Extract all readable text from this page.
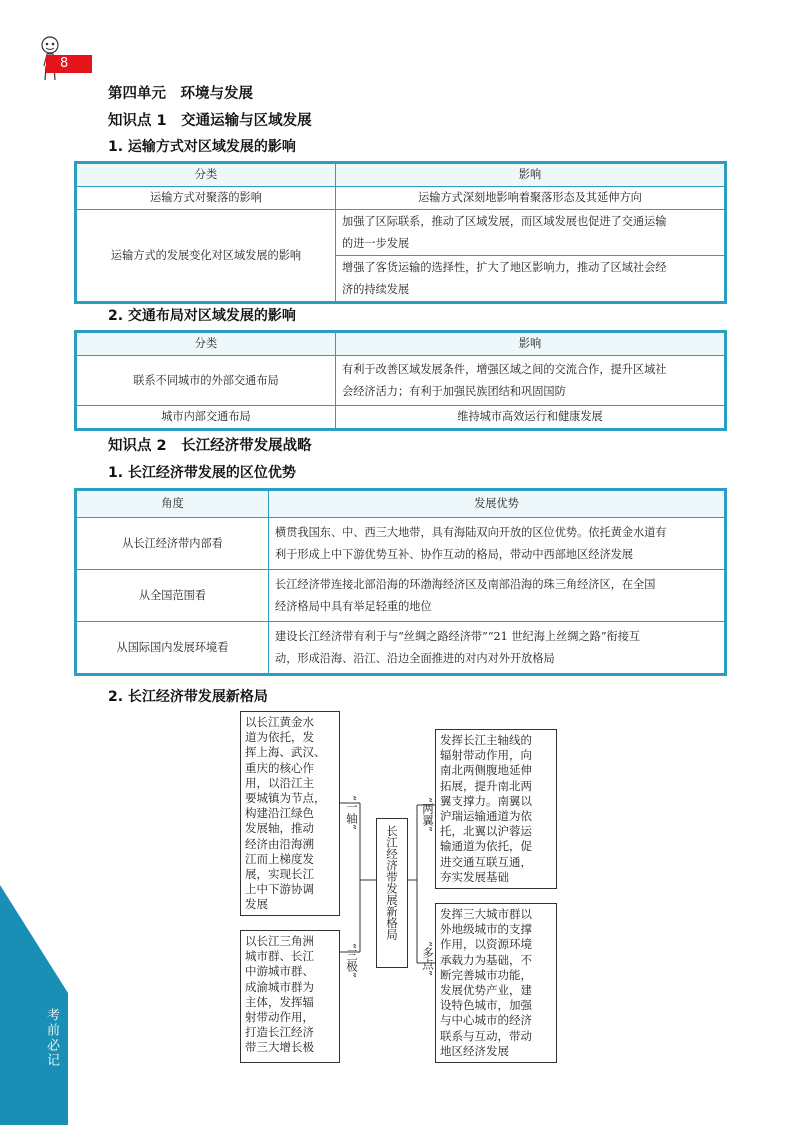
8
第四单元　环境与发展
知识点 1　交通运输与区域发展
1. 运输方式对区域发展的影响
分类	影响
运输方式对聚落的影响	运输方式深刻地影响着聚落形态及其延伸方向
运输方式的发展变化对区域发展的影响	加强了区际联系，推动了区域发展，而区域发展也促进了交通运输
的进一步发展

	增强了客货运输的选择性，扩大了地区影响力，推动了区域社会经
济的持续发展
2. 交通布局对区域发展的影响
分类	影响
联系不同城市的外部交通布局	有利于改善区域发展条件，增强区域之间的交流合作，提升区域社
会经济活力；有利于加强民族团结和巩固国防

城市内部交通布局	维持城市高效运行和健康发展
知识点 2　长江经济带发展战略
1. 长江经济带发展的区位优势
角度	发展优势
从长江经济带内部看	横贯我国东、中、西三大地带，具有海陆双向开放的区位优势。依托黄金水道有
利于形成上中下游优势互补、协作互动的格局，带动中西部地区经济发展

从全国范围看	长江经济带连接北部沿海的环渤海经济区及南部沿海的珠三角经济区，在全国
经济格局中具有举足轻重的地位

从国际国内发展环境看	建设长江经济带有利于与“丝绸之路经济带”“21 世纪海上丝绸之路”衔接互
动，形成沿海、沿江、沿边全面推进的对内对外开放格局
2. 长江经济带发展新格局
以长江黄金水
道为依托，发
挥上海、武汉、
重庆的核心作
用，以沿江主
要城镇为节点，
构建沿江绿色
发展轴，推动
经济由沿海溯
江而上梯度发
展，实现长江
上中下游协调
发展
“一轴”
以长江三角洲
城市群、长江
中游城市群、
成渝城市群为
主体，发挥辐
射带动作用，
打造长江经济
带三大增长极
“三极”
长江经济带发展新格局
“两翼”
发挥长江主轴线的
辐射带动作用，向
南北两侧腹地延伸
拓展，提升南北两
翼支撑力。南翼以
沪瑞运输通道为依
托，北翼以沪蓉运
输通道为依托，促
进交通互联互通，
夯实发展基础
“多点”
发挥三大城市群以
外地级城市的支撑
作用，以资源环境
承载力为基础，不
断完善城市功能，
发展优势产业，建
设特色城市，加强
与中心城市的经济
联系与互动，带动
地区经济发展
考前必记
